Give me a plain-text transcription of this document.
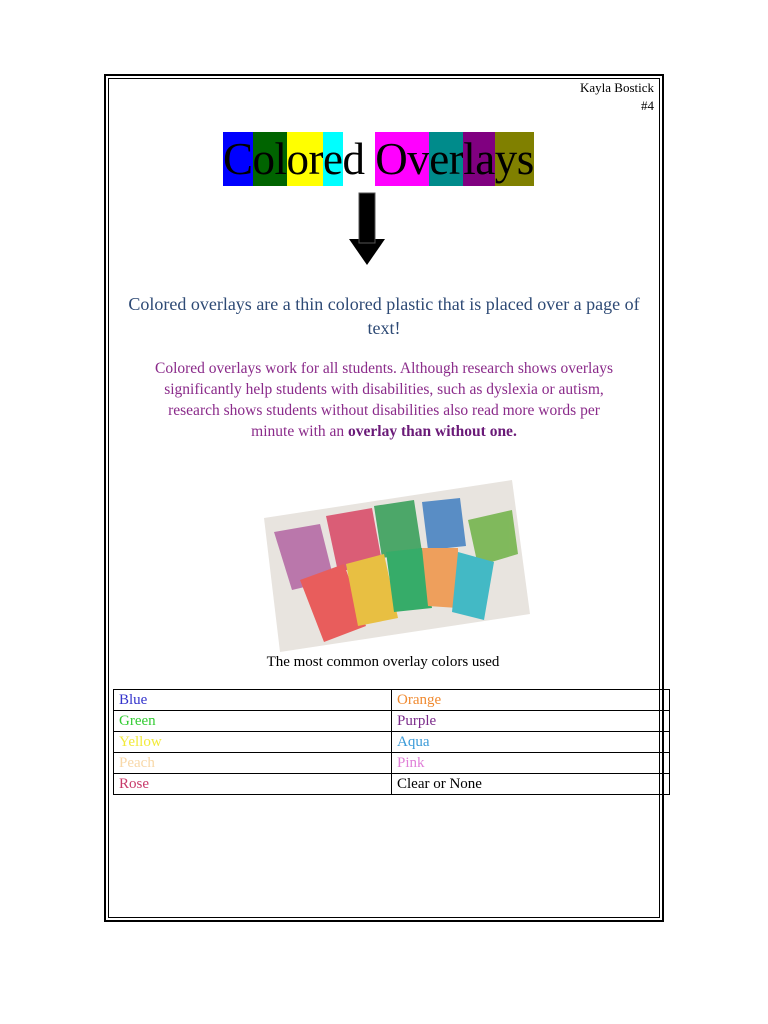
Kayla Bostick
#4
C ol or e d Ov er la ys
Colored overlays are a thin colored plastic that is placed over a page of text!
Colored overlays work for all students. Although research shows overlays significantly help students with disabilities, such as dyslexia or autism, research shows students without disabilities also read more words per minute with an overlay than without one.
The most common overlay colors used
Blue	Orange
Green	Purple
Yellow	Aqua
Peach	Pink
Rose	Clear or None
